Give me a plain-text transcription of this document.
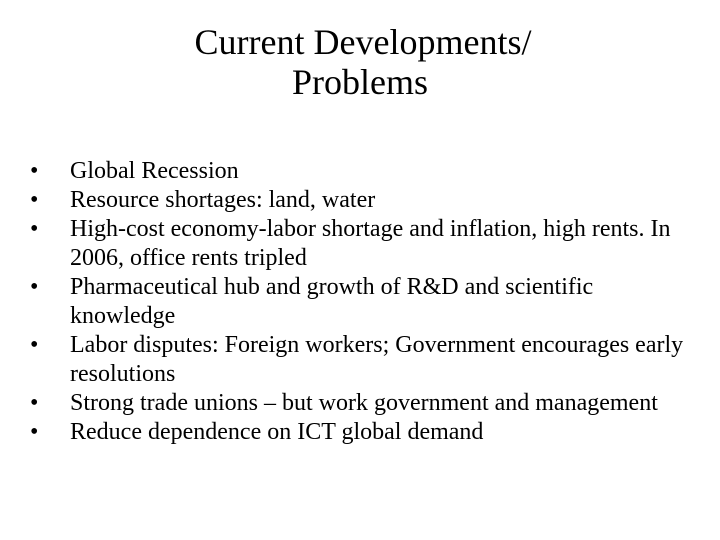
Current Developments/
Problems
•	Global Recession
•	Resource shortages: land, water
•	High-cost economy-labor shortage and inflation, high rents. In 2006, office rents tripled
•	Pharmaceutical hub and growth of R&D and scientific knowledge
•	Labor disputes: Foreign workers; Government encourages early resolutions
•	Strong trade unions – but work government and management
•	Reduce dependence on ICT global demand
